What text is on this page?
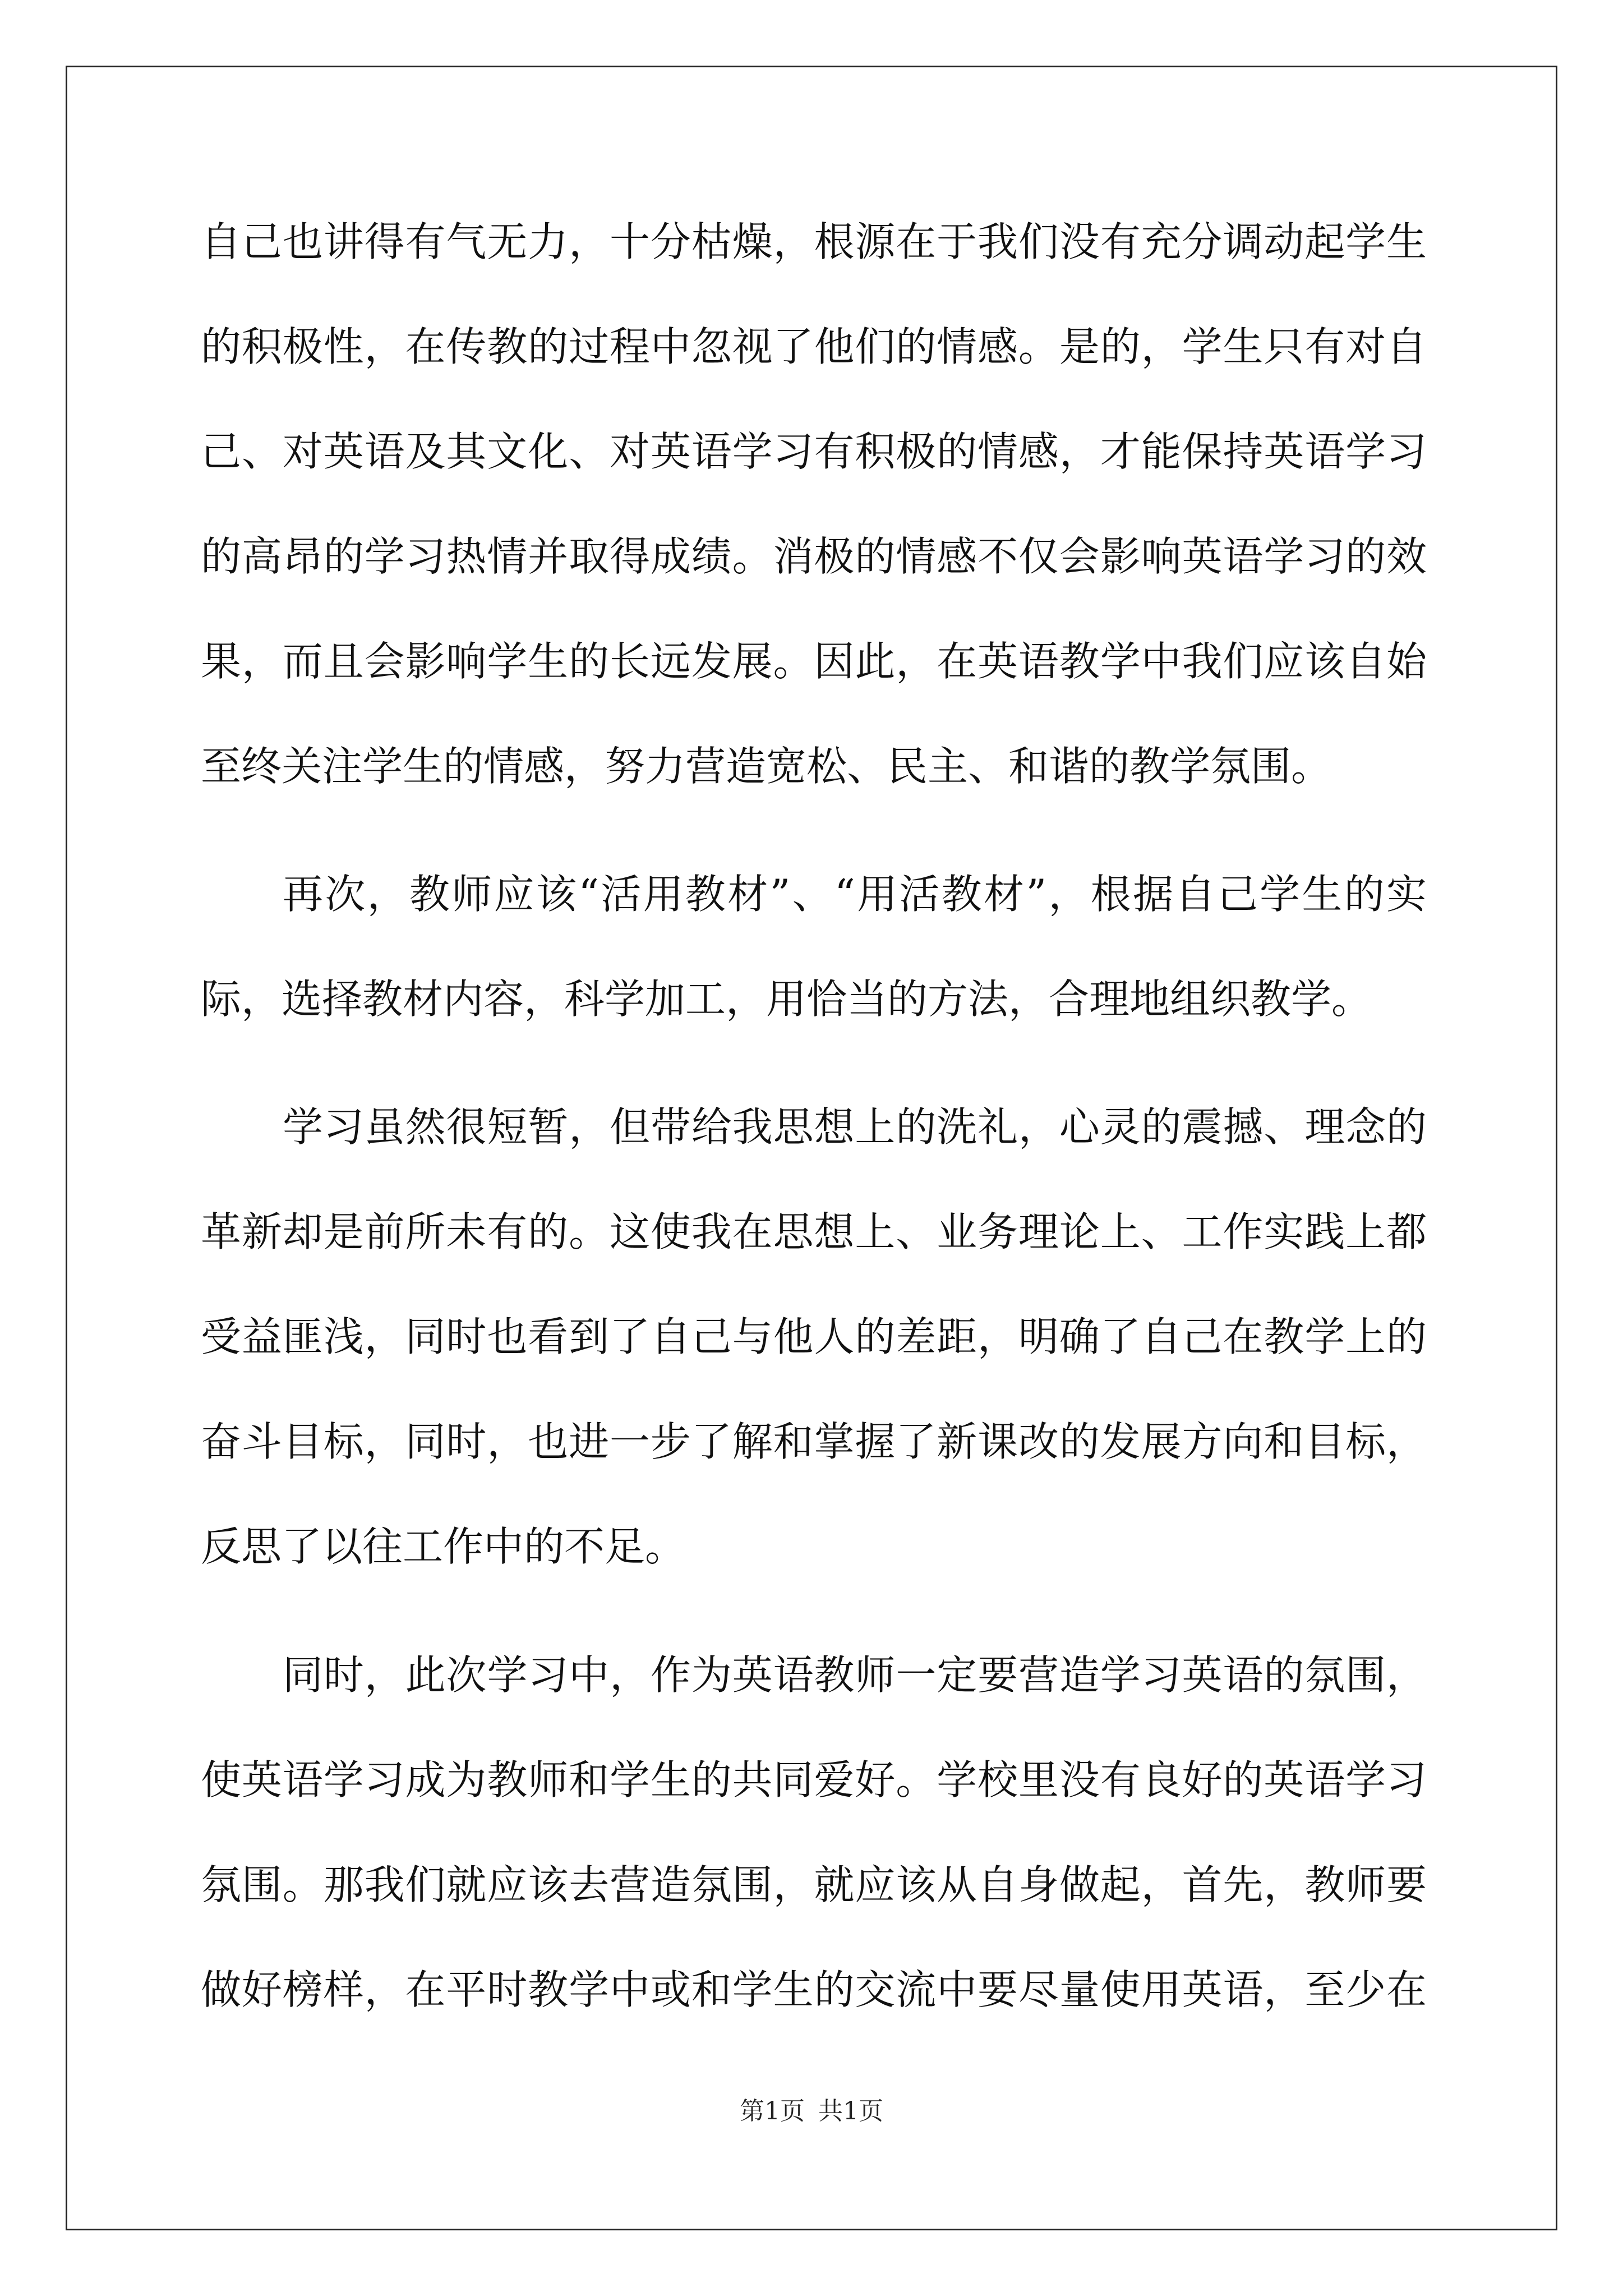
自己也讲得有气无力，十分枯燥，根源在于我们没有充分调动起学生
的积极性，在传教的过程中忽视了他们的情感。是的，学生只有对自
己、对英语及其文化、对英语学习有积极的情感，才能保持英语学习
的高昂的学习热情并取得成绩。消极的情感不仅会影响英语学习的效
果，而且会影响学生的长远发展。因此，在英语教学中我们应该自始
至终关注学生的情感，努力营造宽松、民主、和谐的教学氛围。
再次，教师应该“活用教材”、“用活教材”，根据自己学生的实
际，选择教材内容，科学加工，用恰当的方法，合理地组织教学。
学习虽然很短暂，但带给我思想上的洗礼，心灵的震撼、理念的
革新却是前所未有的。这使我在思想上、业务理论上、工作实践上都
受益匪浅，同时也看到了自己与他人的差距，明确了自己在教学上的
奋斗目标，同时，也进一步了解和掌握了新课改的发展方向和目标，
反思了以往工作中的不足。
同时，此次学习中，作为英语教师一定要营造学习英语的氛围，
使英语学习成为教师和学生的共同爱好。学校里没有良好的英语学习
氛围。那我们就应该去营造氛围，就应该从自身做起，首先，教师要
做好榜样，在平时教学中或和学生的交流中要尽量使用英语，至少在
第1页 共1页
